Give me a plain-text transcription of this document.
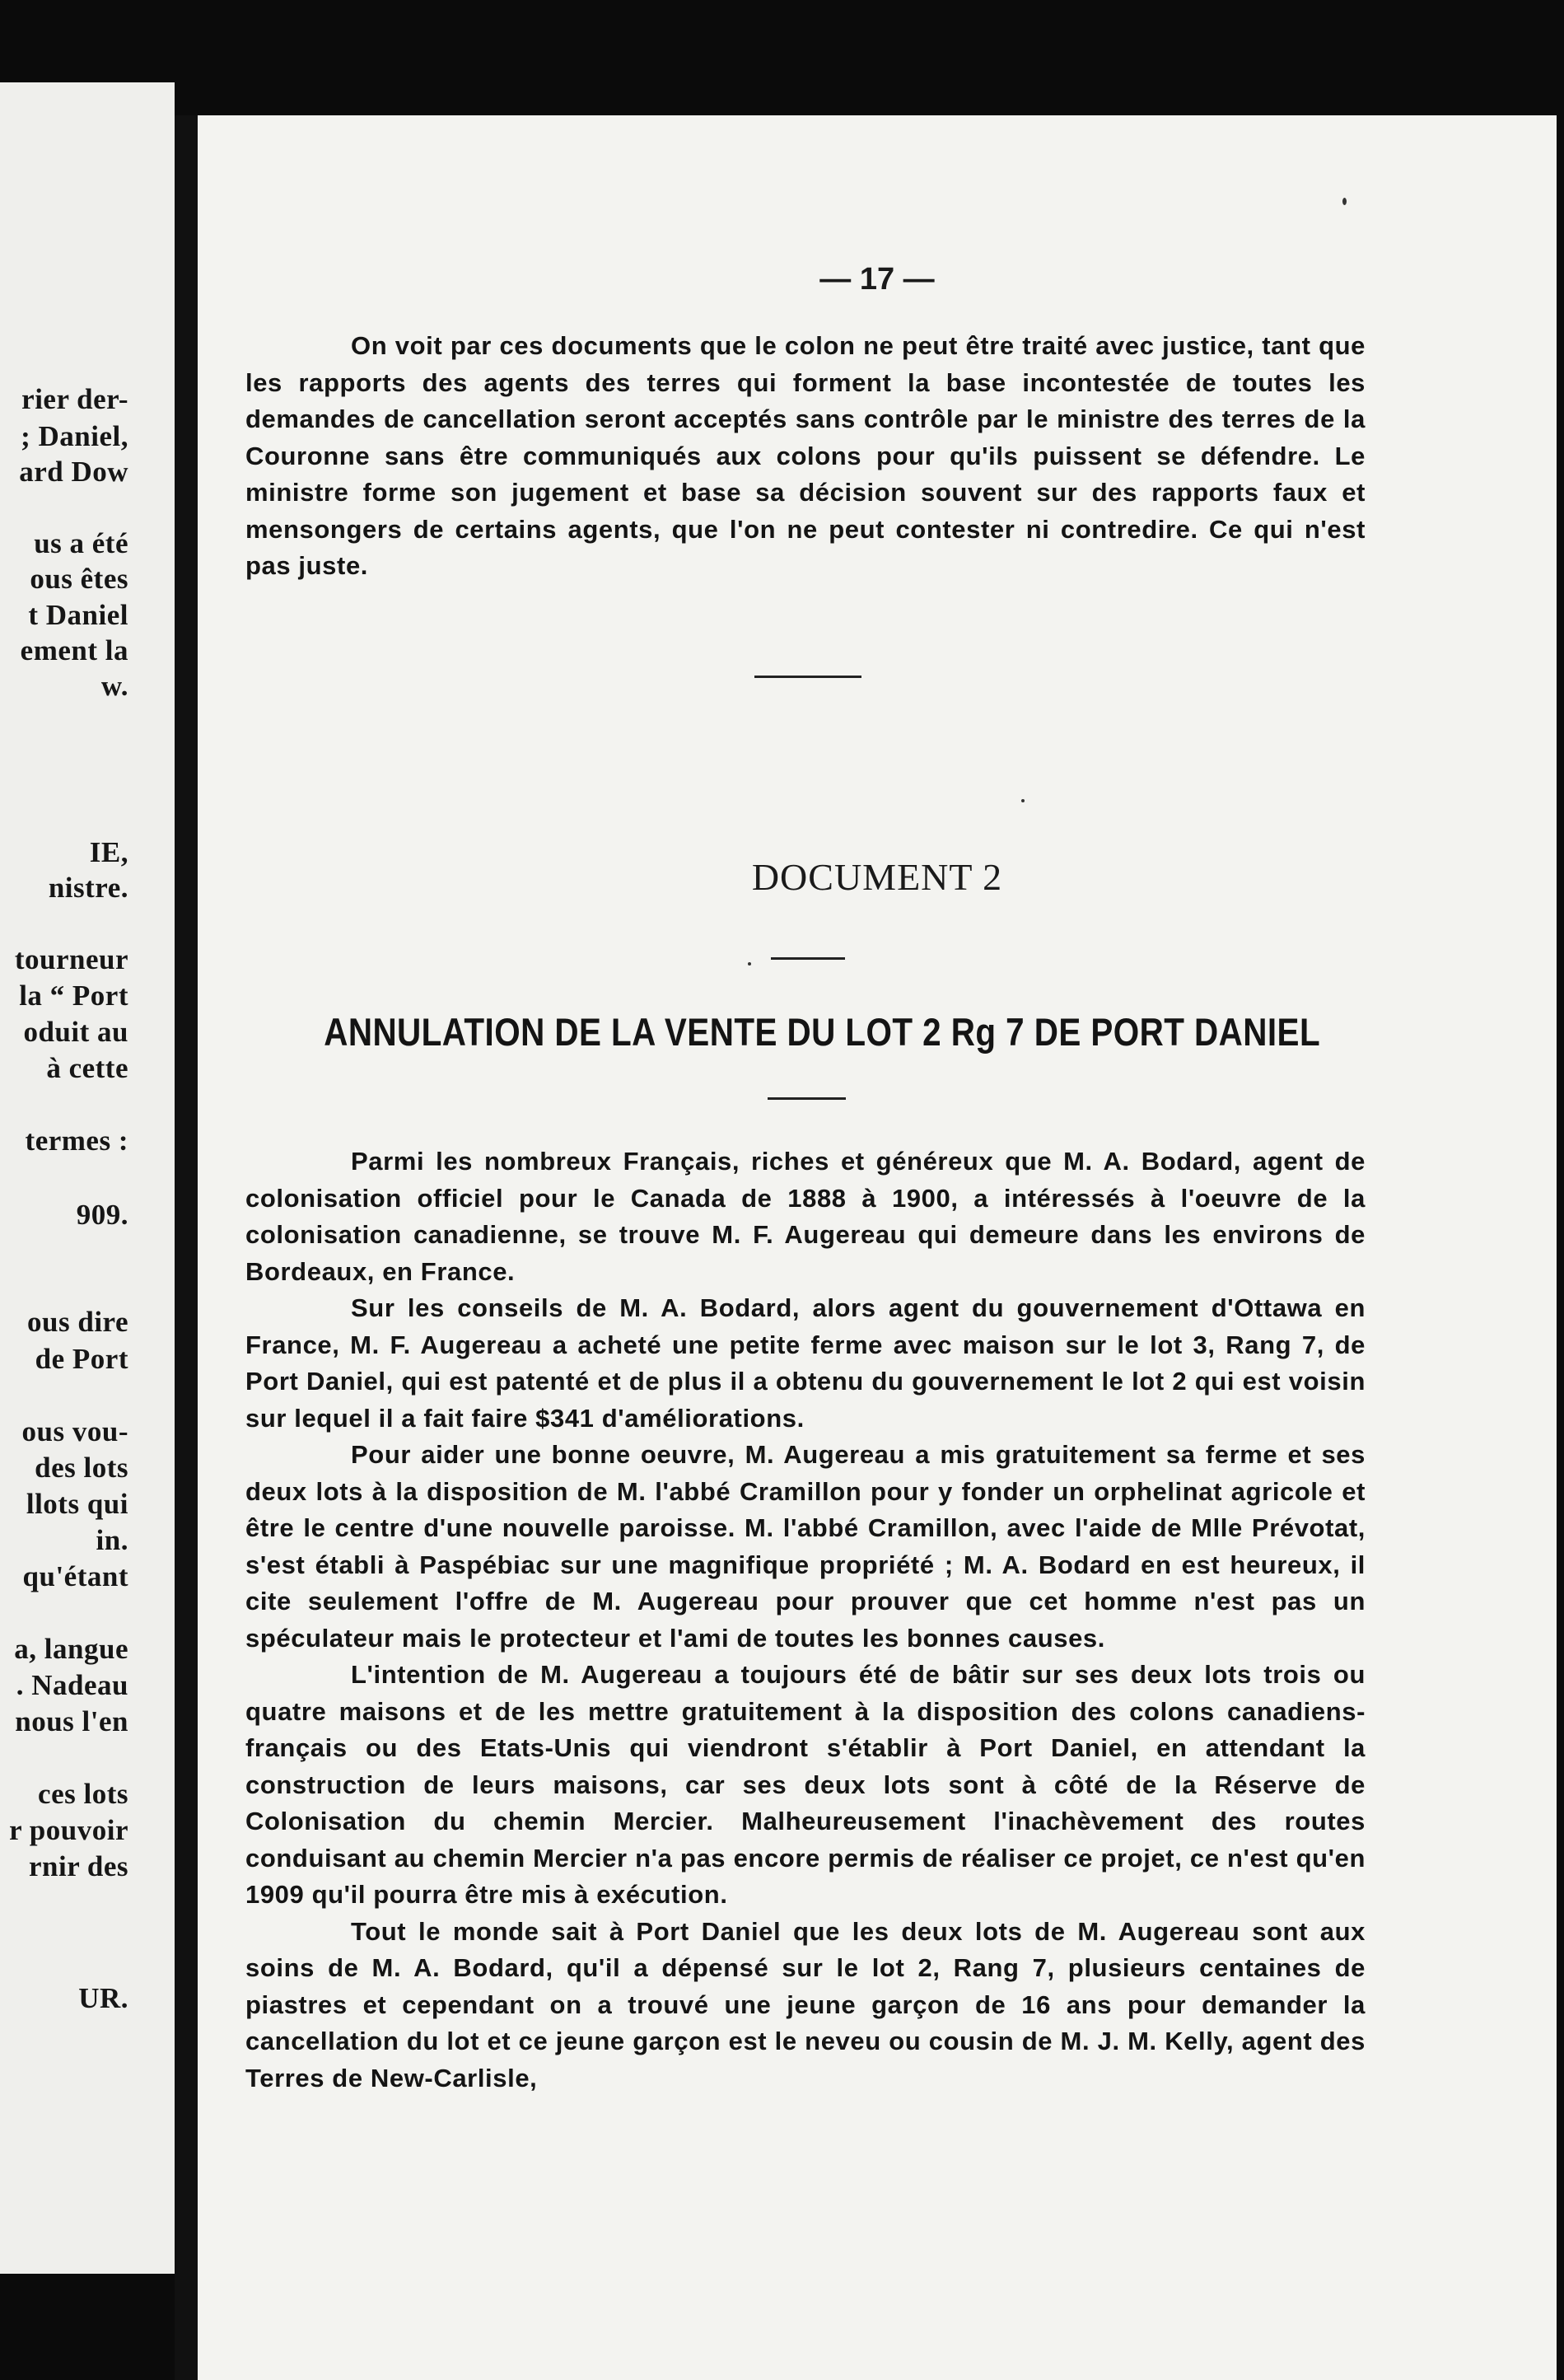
rier der-
; Daniel,
ard Dow
us a été
ous êtes
t Daniel
ement la
w.
IE,
nistre.
tourneur
la “ Port
oduit au
à cette
termes :
909.
ous dire
de Port
ous vou-
des lots
llots qui
in.
qu'étant
a, langue
. Nadeau
nous l'en
ces lots
r pouvoir
rnir des
UR.
— 17 —

On voit par ces documents que le colon ne peut être traité avec justice, tant que les rapports des agents des terres qui forment la base incontestée de toutes les demandes de cancellation seront acceptés sans contrôle par le ministre des terres de la Couronne sans être communiqués aux colons pour qu'ils puissent se défendre. Le ministre forme son jugement et base sa décision souvent sur des rapports faux et mensongers de certains agents, que l'on ne peut contester ni contredire. Ce qui n'est pas juste.

DOCUMENT 2
ANNULATION DE LA VENTE DU LOT 2 Rg 7 DE PORT DANIEL

Parmi les nombreux Français, riches et généreux que M. A. Bodard, agent de colonisation officiel pour le Canada de 1888 à 1900, a intéressés à l'oeuvre de la colonisation canadienne, se trouve M. F. Augereau qui demeure dans les environs de Bordeaux, en France.

Sur les conseils de M. A. Bodard, alors agent du gouvernement d'Ottawa en France, M. F. Augereau a acheté une petite ferme avec maison sur le lot 3, Rang 7, de Port Daniel, qui est patenté et de plus il a obtenu du gouvernement le lot 2 qui est voisin sur lequel il a fait faire $341 d'améliorations.

Pour aider une bonne oeuvre, M. Augereau a mis gratuitement sa ferme et ses deux lots à la disposition de M. l'abbé Cramillon pour y fonder un orphelinat agricole et être le centre d'une nouvelle paroisse. M. l'abbé Cramillon, avec l'aide de Mlle Prévotat, s'est établi à Paspébiac sur une magnifique propriété ; M. A. Bodard en est heureux, il cite seulement l'offre de M. Augereau pour prouver que cet homme n'est pas un spéculateur mais le protecteur et l'ami de toutes les bonnes causes.

L'intention de M. Augereau a toujours été de bâtir sur ses deux lots trois ou quatre maisons et de les mettre gratuitement à la disposition des colons canadiens-français ou des Etats-Unis qui viendront s'établir à Port Daniel, en attendant la construction de leurs maisons, car ses deux lots sont à côté de la Réserve de Colonisation du chemin Mercier. Malheureusement l'inachèvement des routes conduisant au chemin Mercier n'a pas encore permis de réaliser ce projet, ce n'est qu'en 1909 qu'il pourra être mis à exécution.

Tout le monde sait à Port Daniel que les deux lots de M. Augereau sont aux soins de M. A. Bodard, qu'il a dépensé sur le lot 2, Rang 7, plusieurs centaines de piastres et cependant on a trouvé une jeune garçon de 16 ans pour demander la cancellation du lot et ce jeune garçon est le neveu ou cousin de M. J. M. Kelly, agent des Terres de New-Carlisle,
